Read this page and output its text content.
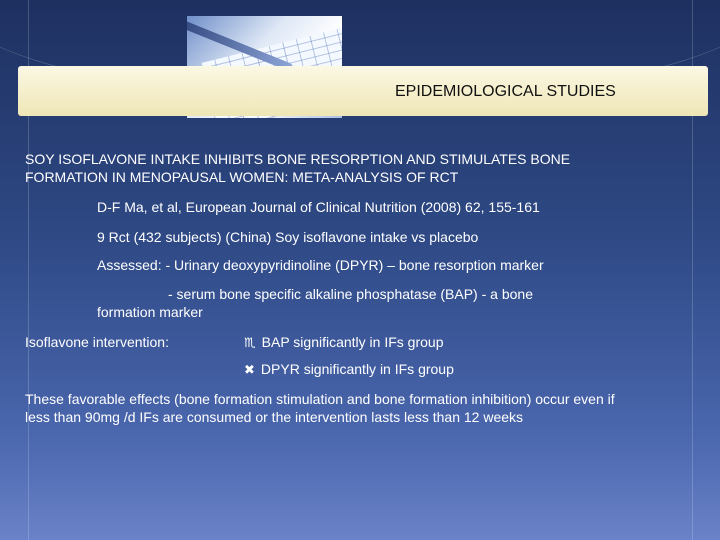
EPIDEMIOLOGICAL STUDIES
SOY ISOFLAVONE INTAKE INHIBITS BONE RESORPTION AND STIMULATES BONE
FORMATION IN MENOPAUSAL WOMEN: META-ANALYSIS OF RCT
D-F Ma, et al, European Journal of Clinical Nutrition (2008) 62, 155-161
9 Rct (432 subjects) (China) Soy isoflavone intake vs placebo
Assessed: - Urinary deoxypyridinoline (DPYR) – bone resorption marker
- serum bone specific alkaline phosphatase (BAP) - a bone
formation marker
Isoflavone intervention:	♏ BAP significantly in IFs group
✖ DPYR significantly in IFs group
These favorable effects (bone formation stimulation and bone formation inhibition) occur even if
less than 90mg /d IFs are consumed or the intervention lasts less than 12 weeks
